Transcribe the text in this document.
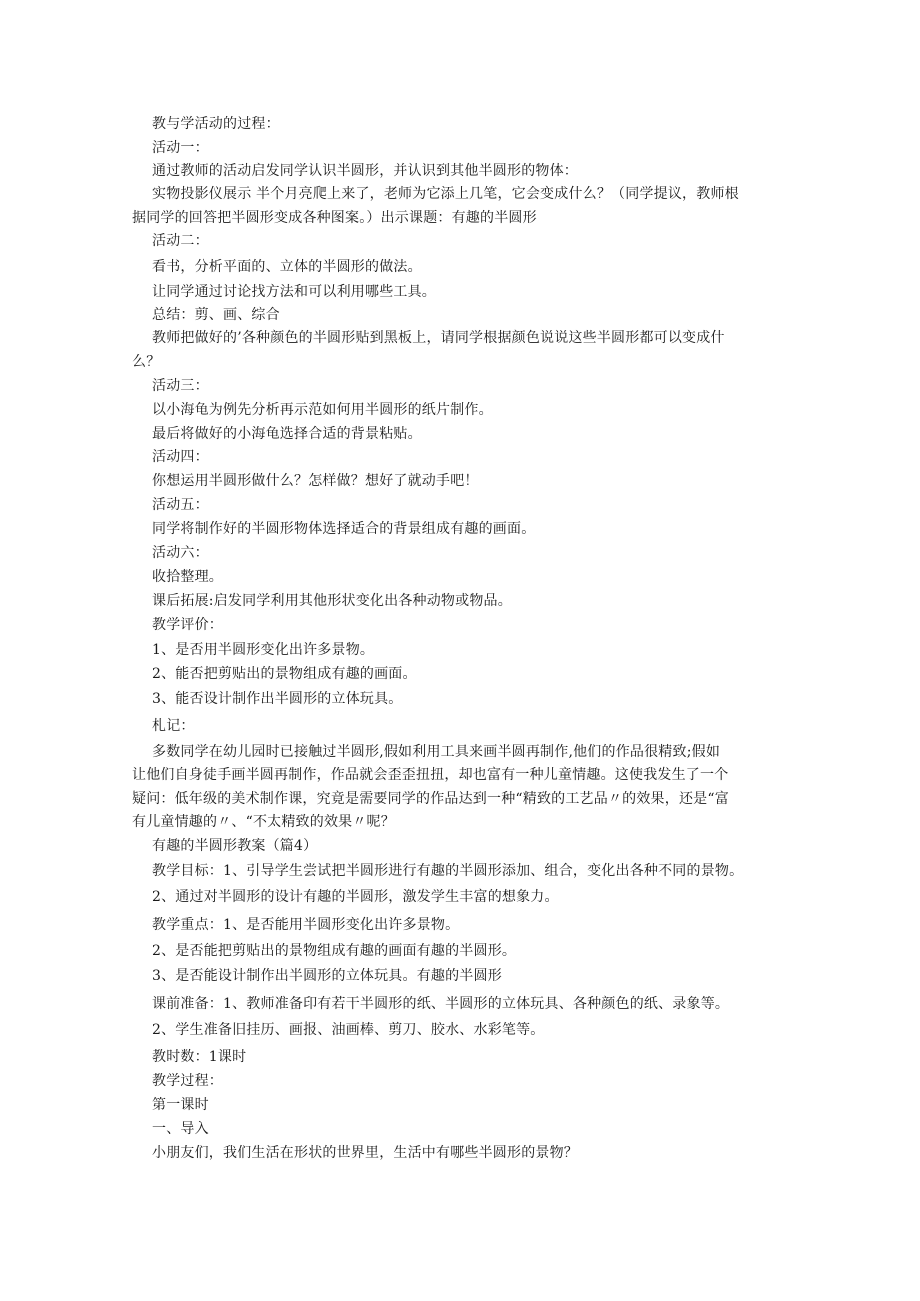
教与学活动的过程：
活动一：
通过教师的活动启发同学认识半圆形，并认识到其他半圆形的物体：
实物投影仪展示 半个月亮爬上来了，老师为它添上几笔，它会变成什么？（同学提议，教师根
据同学的回答把半圆形变成各种图案。）出示课题：有趣的半圆形
活动二：
看书，分析平面的、立体的半圆形的做法。
让同学通过讨论找方法和可以利用哪些工具。
总结：剪、画、综合
教师把做好的’各种颜色的半圆形贴到黑板上，请同学根据颜色说说这些半圆形都可以变成什
么？
活动三：
以小海龟为例先分析再示范如何用半圆形的纸片制作。
最后将做好的小海龟选择合适的背景粘贴。
活动四：
你想运用半圆形做什么？怎样做？想好了就动手吧！
活动五：
同学将制作好的半圆形物体选择适合的背景组成有趣的画面。
活动六：
收拾整理。
课后拓展:启发同学利用其他形状变化出各种动物或物品。
教学评价：
1、是否用半圆形变化出许多景物。
2、能否把剪贴出的景物组成有趣的画面。
3、能否设计制作出半圆形的立体玩具。
札记：
多数同学在幼儿园时已接触过半圆形,假如利用工具来画半圆再制作,他们的作品很精致;假如
让他们自身徒手画半圆再制作，作品就会歪歪扭扭，却也富有一种儿童情趣。这使我发生了一个
疑问：低年级的美术制作课，究竟是需要同学的作品达到一种“精致的工艺品〃的效果，还是“富
有儿童情趣的〃、“不太精致的效果〃呢？
有趣的半圆形教案（篇4）
教学目标：1、引导学生尝试把半圆形进行有趣的半圆形添加、组合，变化出各种不同的景物。
2、通过对半圆形的设计有趣的半圆形，激发学生丰富的想象力。
教学重点：1、是否能用半圆形变化出许多景物。
2、是否能把剪贴出的景物组成有趣的画面有趣的半圆形。
3、是否能设计制作出半圆形的立体玩具。有趣的半圆形
课前准备：1、教师准备印有若干半圆形的纸、半圆形的立体玩具、各种颜色的纸、录象等。
2、学生准备旧挂历、画报、油画棒、剪刀、胶水、水彩笔等。
教时数：1课时
教学过程：
第一课时
一、导入
小朋友们，我们生活在形状的世界里，生活中有哪些半圆形的景物？
